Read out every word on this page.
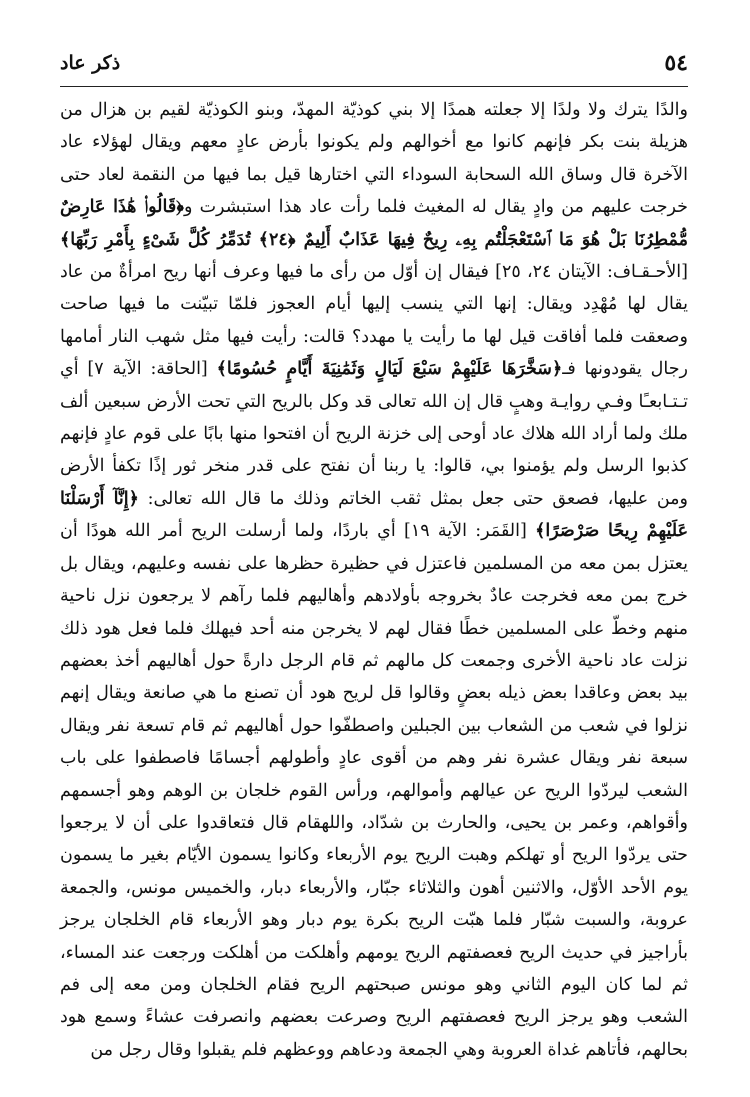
٥٤
ذكر عاد

والدًا يترك ولا ولدًا إلا جعلته همدًا إلا بني كوذيّة المهدّ، وبنو الكوذيّة لقيم بن هزال من هزيلة بنت بكر فإنهم كانوا مع أخوالهم ولم يكونوا بأرض عادٍ معهم ويقال لهؤلاء عاد الآخرة قال وساق الله السحابة السوداء التي اختارها قيل بما فيها من النقمة لعاد حتى خرجت عليهم من وادٍ يقال له المغيث فلما رأت عاد هذا استبشرت و﴿قَالُوا۟ هَٰذَا عَارِضٌ مُّمْطِرُنَا بَلْ هُوَ مَا ٱسْتَعْجَلْتُم بِهِۦ رِيحٌ فِيهَا عَذَابٌ أَلِيمٌ ﴿٢٤﴾ تُدَمِّرُ كُلَّ شَىْءٍ بِأَمْرِ رَبِّهَا﴾ [الأحـقـاف: الآيتان ٢٤، ٢٥] فيقال إن أوّل من رأى ما فيها وعرف أنها ريح امرأةٌ من عاد يقال لها مُهْدِد ويقال: إنها التي ينسب إليها أيام العجوز فلمّا تبيّنت ما فيها صاحت وصعقت فلما أفاقت قيل لها ما رأيت يا مهدد؟ قالت: رأيت فيها مثل شهب النار أمامها رجال يقودونها فـ﴿سَخَّرَهَا عَلَيْهِمْ سَبْعَ لَيَالٍ وَثَمَٰنِيَةَ أَيَّامٍ حُسُومًا﴾ [الحاقة: الآية ٧] أي تـتـابعـًا وفـي روايـة وهبٍ قال إن الله تعالى قد وكل بالريح التي تحت الأرض سبعين ألف ملك ولما أراد الله هلاك عاد أوحى إلى خزنة الريح أن افتحوا منها بابًا على قوم عادٍ فإنهم كذبوا الرسل ولم يؤمنوا بي، قالوا: يا ربنا أن نفتح على قدر منخر ثور إذًا تكفأ الأرض ومن عليها، فصعق حتى جعل بمثل ثقب الخاتم وذلك ما قال الله تعالى: ﴿إِنَّآ أَرْسَلْنَا عَلَيْهِمْ رِيحًا صَرْصَرًا﴾ [القَمَر: الآية ١٩] أي باردًا، ولما أرسلت الريح أمر الله هودًا أن يعتزل بمن معه من المسلمين فاعتزل في حظيرة حظرها على نفسه وعليهم، ويقال بل خرج بمن معه فخرجت عادٌ بخروجه بأولادهم وأهاليهم فلما رآهم لا يرجعون نزل ناحية منهم وخطّ على المسلمين خطًا فقال لهم لا يخرجن منه أحد فيهلك فلما فعل هود ذلك نزلت عاد ناحية الأخرى وجمعت كل مالهم ثم قام الرجل دارةً حول أهاليهم أخذ بعضهم بيد بعض وعاقدا بعض ذيله بعضٍ وقالوا قل لريح هود أن تصنع ما هي صانعة ويقال إنهم نزلوا في شعب من الشعاب بين الجبلين واصطفّوا حول أهاليهم ثم قام تسعة نفر ويقال سبعة نفر ويقال عشرة نفر وهم من أقوى عادٍ وأطولهم أجسامًا فاصطفوا على باب الشعب ليردّوا الريح عن عيالهم وأموالهم، ورأس القوم خلجان بن الوهم وهو أجسمهم وأقواهم، وعمر بن يحيى، والحارث بن شدّاد، واللهقام قال فتعاقدوا على أن لا يرجعوا حتى يردّوا الريح أو تهلكم وهبت الريح يوم الأربعاء وكانوا يسمون الأيّام بغير ما يسمون يوم الأحد الأوّل، والاثنين أهون والثلاثاء جبّار، والأربعاء دبار، والخميس مونس، والجمعة عروبة، والسبت شبّار فلما هبّت الريح بكرة يوم دبار وهو الأربعاء قام الخلجان يرجز بأراجيز في حديث الريح فعصفتهم الريح يومهم وأهلكت من أهلكت ورجعت عند المساء، ثم لما كان اليوم الثاني وهو مونس صبحتهم الريح فقام الخلجان ومن معه إلى فم الشعب وهو يرجز الريح فعصفتهم الريح وصرعت بعضهم وانصرفت عشاءً وسمع هود بحالهم، فأتاهم غداة العروبة وهي الجمعة ودعاهم ووعظهم فلم يقبلوا وقال رجل من
